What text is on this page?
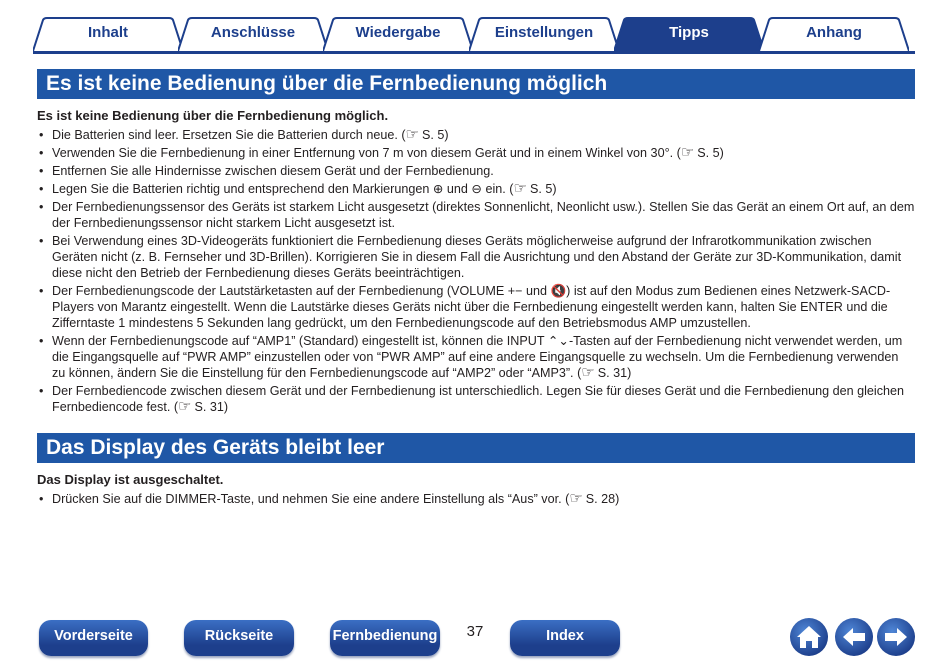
Inhalt	Anschlüsse	Wiedergabe	Einstellungen	Tipps	Anhang
Es ist keine Bedienung über die Fernbedienung möglich
Es ist keine Bedienung über die Fernbedienung möglich.
• Die Batterien sind leer. Ersetzen Sie die Batterien durch neue. (☞ S. 5)
• Verwenden Sie die Fernbedienung in einer Entfernung von 7 m von diesem Gerät und in einem Winkel von 30°. (☞ S. 5)
• Entfernen Sie alle Hindernisse zwischen diesem Gerät und der Fernbedienung.
• Legen Sie die Batterien richtig und entsprechend den Markierungen ⊕ und ⊖ ein. (☞ S. 5)
• Der Fernbedienungssensor des Geräts ist starkem Licht ausgesetzt (direktes Sonnenlicht, Neonlicht usw.). Stellen Sie das Gerät an einem Ort auf, an dem der Fernbedienungssensor nicht starkem Licht ausgesetzt ist.
• Bei Verwendung eines 3D-Videogeräts funktioniert die Fernbedienung dieses Geräts möglicherweise aufgrund der Infrarotkommunikation zwischen Geräten nicht (z. B. Fernseher und 3D-Brillen). Korrigieren Sie in diesem Fall die Ausrichtung und den Abstand der Geräte zur 3D-Kommunikation, damit diese nicht den Betrieb der Fernbedienung dieses Geräts beeinträchtigen.
• Der Fernbedienungscode der Lautstärketasten auf der Fernbedienung (VOLUME +− und 🔇) ist auf den Modus zum Bedienen eines Netzwerk-SACD-Players von Marantz eingestellt. Wenn die Lautstärke dieses Geräts nicht über die Fernbedienung eingestellt werden kann, halten Sie ENTER und die Zifferntaste 1 mindestens 5 Sekunden lang gedrückt, um den Fernbedienungscode auf den Betriebsmodus AMP umzustellen.
• Wenn der Fernbedienungscode auf “AMP1” (Standard) eingestellt ist, können die INPUT ⌃⌄-Tasten auf der Fernbedienung nicht verwendet werden, um die Eingangsquelle auf “PWR AMP” einzustellen oder von “PWR AMP” auf eine andere Eingangsquelle zu wechseln. Um die Fernbedienung verwenden zu können, ändern Sie die Einstellung für den Fernbedienungscode auf “AMP2” oder “AMP3”. (☞ S. 31)
• Der Fernbediencode zwischen diesem Gerät und der Fernbedienung ist unterschiedlich. Legen Sie für dieses Gerät und die Fernbedienung den gleichen Fernbediencode fest. (☞ S. 31)
Das Display des Geräts bleibt leer
Das Display ist ausgeschaltet.
• Drücken Sie auf die DIMMER-Taste, und nehmen Sie eine andere Einstellung als “Aus” vor. (☞ S. 28)
Vorderseite	Rückseite	Fernbedienung	37	Index
